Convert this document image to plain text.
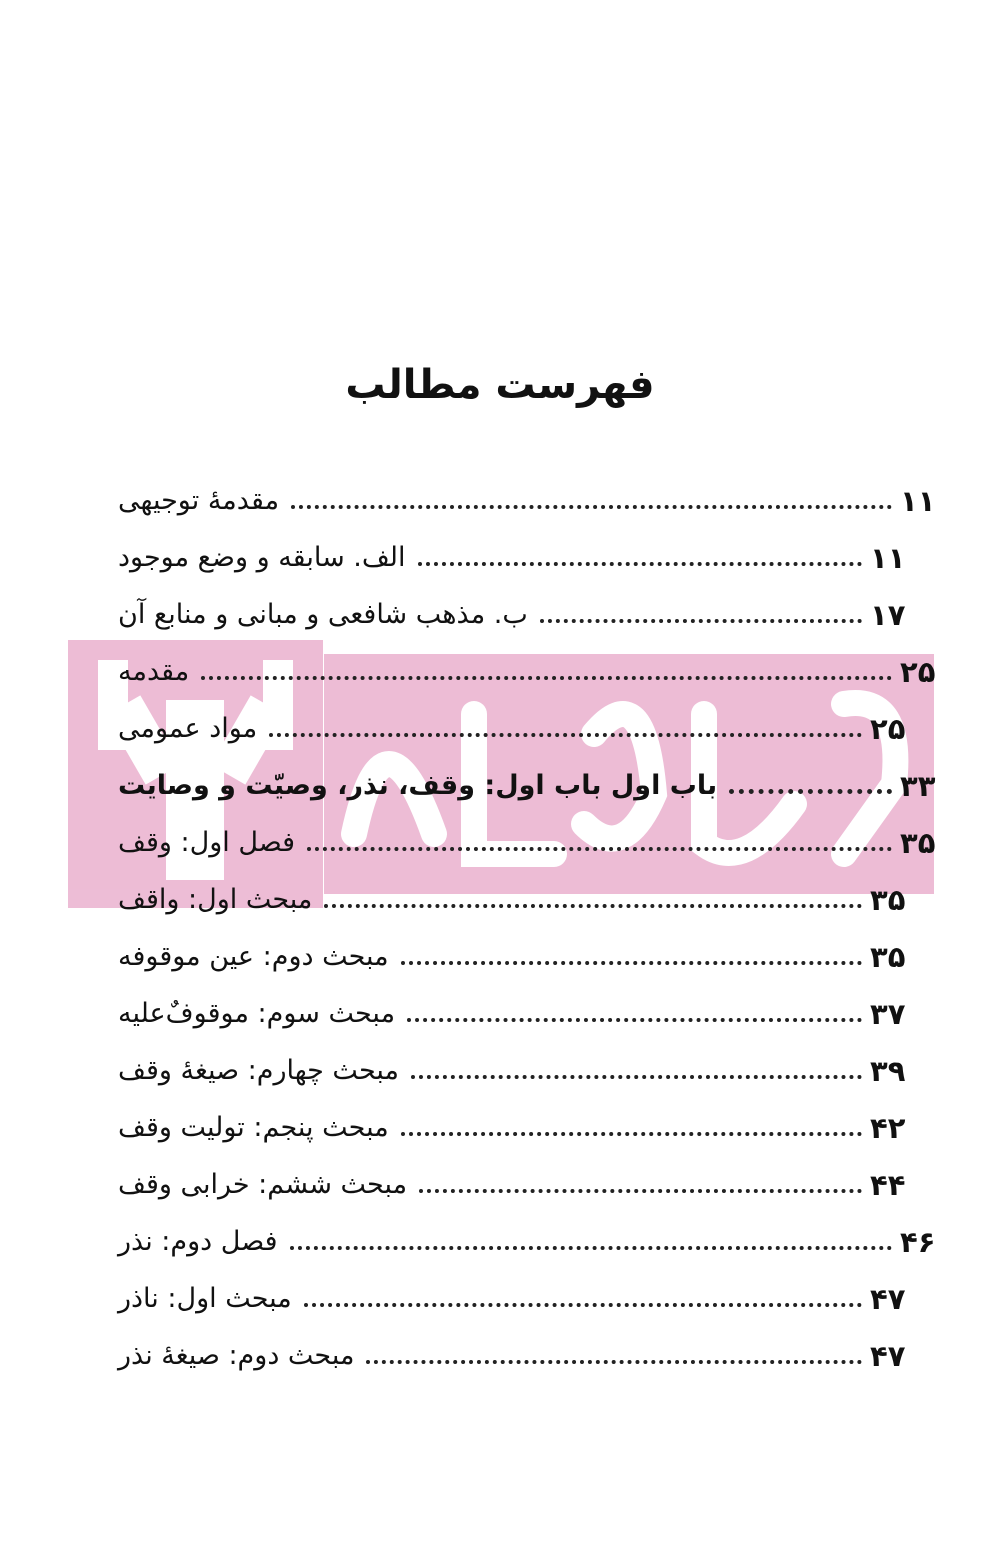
فهرست مطالب
مقدمهٔ توجیهی	۱۱
الف. سابقه و وضع موجود	۱۱
ب. مذهب شافعی و مبانی و منابع آن	۱۷
مقدمه	۲۵
مواد عمومی	۲۵
باب اول باب اول: وقف، نذر، وصیّت و وصایت	۳۳
فصل اول: وقف	۳۵
مبحث اول: واقف	۳۵
مبحث دوم: عین موقوفه	۳۵
مبحث سوم: موقوفٌ‌علیه	۳۷
مبحث چهارم: صیغهٔ وقف	۳۹
مبحث پنجم: تولیت وقف	۴۲
مبحث ششم: خرابی وقف	۴۴
فصل دوم: نذر	۴۶
مبحث اول: ناذر	۴۷
مبحث دوم: صیغهٔ نذر	۴۷
